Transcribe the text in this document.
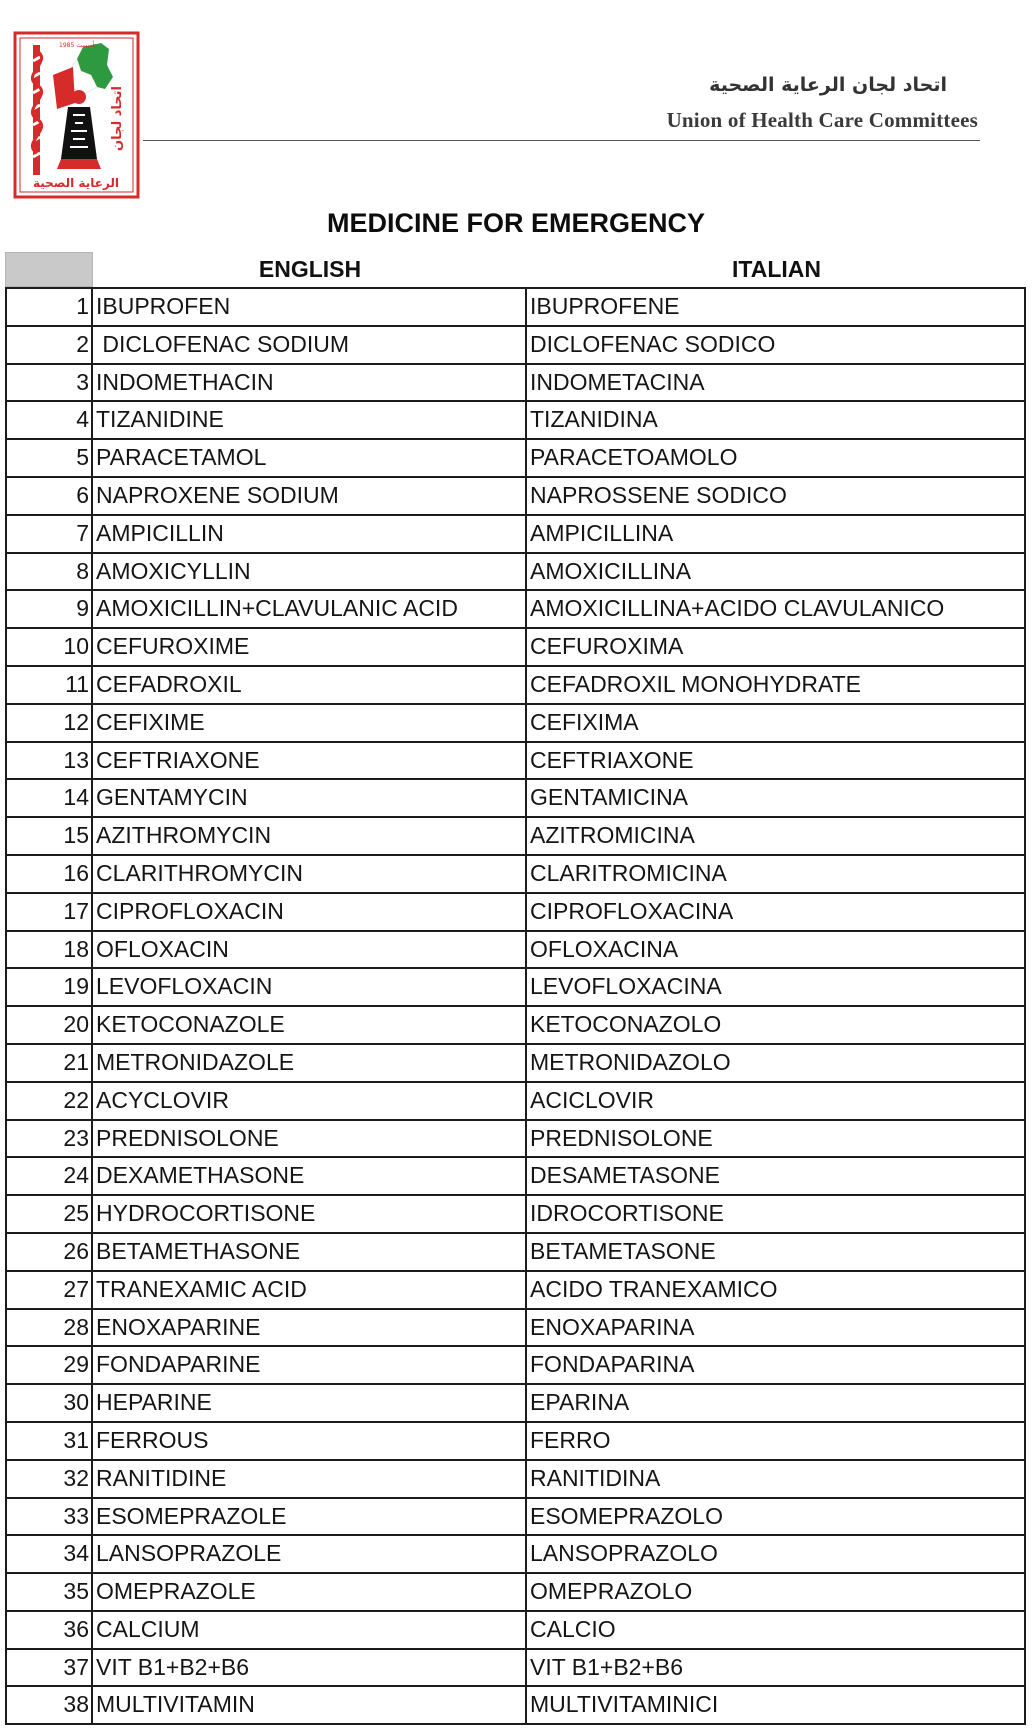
تأسست 1985
اتحاد لجان
الرعاية الصحية
اتحاد لجان الرعاية الصحية
Union of Health Care Committees
MEDICINE FOR EMERGENCY
ENGLISH	ITALIAN
1 IBUPROFEN	IBUPROFENE
2 DICLOFENAC SODIUM	DICLOFENAC SODICO
3 INDOMETHACIN	INDOMETACINA
4 TIZANIDINE	TIZANIDINA
5 PARACETAMOL	PARACETOAMOLO
6 NAPROXENE SODIUM	NAPROSSENE SODICO
7 AMPICILLIN	AMPICILLINA
8 AMOXICYLLIN	AMOXICILLINA
9 AMOXICILLIN+CLAVULANIC ACID	AMOXICILLINA+ACIDO CLAVULANICO
10 CEFUROXIME	CEFUROXIMA
11 CEFADROXIL	CEFADROXIL MONOHYDRATE
12 CEFIXIME	CEFIXIMA
13 CEFTRIAXONE	CEFTRIAXONE
14 GENTAMYCIN	GENTAMICINA
15 AZITHROMYCIN	AZITROMICINA
16 CLARITHROMYCIN	CLARITROMICINA
17 CIPROFLOXACIN	CIPROFLOXACINA
18 OFLOXACIN	OFLOXACINA
19 LEVOFLOXACIN	LEVOFLOXACINA
20 KETOCONAZOLE	KETOCONAZOLO
21 METRONIDAZOLE	METRONIDAZOLO
22 ACYCLOVIR	ACICLOVIR
23 PREDNISOLONE	PREDNISOLONE
24 DEXAMETHASONE	DESAMETASONE
25 HYDROCORTISONE	IDROCORTISONE
26 BETAMETHASONE	BETAMETASONE
27 TRANEXAMIC ACID	ACIDO TRANEXAMICO
28 ENOXAPARINE	ENOXAPARINA
29 FONDAPARINE	FONDAPARINA
30 HEPARINE	EPARINA
31 FERROUS	FERRO
32 RANITIDINE	RANITIDINA
33 ESOMEPRAZOLE	ESOMEPRAZOLO
34 LANSOPRAZOLE	LANSOPRAZOLO
35 OMEPRAZOLE	OMEPRAZOLO
36 CALCIUM	CALCIO
37 VIT B1+B2+B6	VIT B1+B2+B6
38 MULTIVITAMIN	MULTIVITAMINICI
